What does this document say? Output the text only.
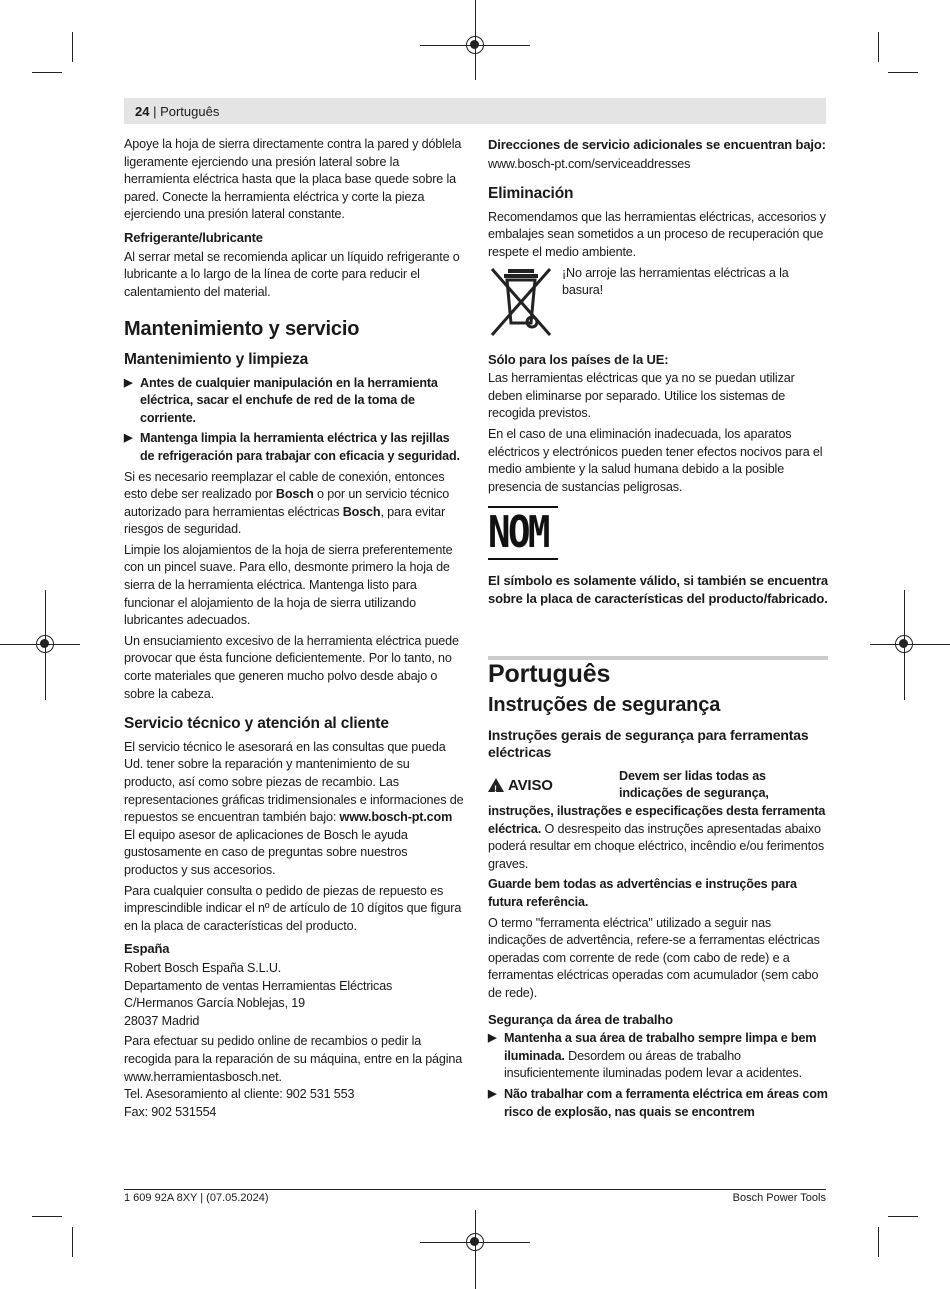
24 | Português

Apoye la hoja de sierra directamente contra la pared y dóblela ligeramente ejerciendo una presión lateral sobre la herramienta eléctrica hasta que la placa base quede sobre la pared. Conecte la herramienta eléctrica y corte la pieza ejerciendo una presión lateral constante.

Refrigerante/lubricante

Al serrar metal se recomienda aplicar un líquido refrigerante o lubricante a lo largo de la línea de corte para reducir el calentamiento del material.

Mantenimiento y servicio
Mantenimiento y limpieza
▶ Antes de cualquier manipulación en la herramienta eléctrica, sacar el enchufe de red de la toma de corriente.
▶ Mantenga limpia la herramienta eléctrica y las rejillas de refrigeración para trabajar con eficacia y seguridad.

Si es necesario reemplazar el cable de conexión, entonces esto debe ser realizado por Bosch o por un servicio técnico autorizado para herramientas eléctricas Bosch, para evitar riesgos de seguridad.

Limpie los alojamientos de la hoja de sierra preferentemente con un pincel suave. Para ello, desmonte primero la hoja de sierra de la herramienta eléctrica. Mantenga listo para funcionar el alojamiento de la hoja de sierra utilizando lubricantes adecuados.

Un ensuciamiento excesivo de la herramienta eléctrica puede provocar que ésta funcione deficientemente. Por lo tanto, no corte materiales que generen mucho polvo desde abajo o sobre la cabeza.

Servicio técnico y atención al cliente

El servicio técnico le asesorará en las consultas que pueda Ud. tener sobre la reparación y mantenimiento de su producto, así como sobre piezas de recambio. Las representaciones gráficas tridimensionales e informaciones de repuestos se encuentran también bajo: www.bosch-pt.com

El equipo asesor de aplicaciones de Bosch le ayuda gustosamente en caso de preguntas sobre nuestros productos y sus accesorios.

Para cualquier consulta o pedido de piezas de repuesto es imprescindible indicar el nº de artículo de 10 dígitos que figura en la placa de características del producto.

España
Robert Bosch España S.L.U.
Departamento de ventas Herramientas Eléctricas
C/Hermanos García Noblejas, 19
28037 Madrid
Para efectuar su pedido online de recambios o pedir la recogida para la reparación de su máquina, entre en la página www.herramientasbosch.net.
Tel. Asesoramiento al cliente: 902 531 553
Fax: 902 531554
Direcciones de servicio adicionales se encuentran bajo:

www.bosch-pt.com/serviceaddresses

Eliminación

Recomendamos que las herramientas eléctricas, accesorios y embalajes sean sometidos a un proceso de recuperación que respete el medio ambiente.

¡No arroje las herramientas eléctricas a la basura!
Sólo para los países de la UE:

Las herramientas eléctricas que ya no se puedan utilizar deben eliminarse por separado. Utilice los sistemas de recogida previstos.

En el caso de una eliminación inadecuada, los aparatos eléctricos y electrónicos pueden tener efectos nocivos para el medio ambiente y la salud humana debido a la posible presencia de sustancias peligrosas.

NOM
El símbolo es solamente válido, si también se encuentra sobre la placa de características del producto/fabricado.
Português
Instruções de segurança
Instruções gerais de segurança para ferramentas eléctricas
! AVISO
Devem ser lidas todas as indicações de segurança,

instruções, ilustrações e especificações desta ferramenta eléctrica. O desrespeito das instruções apresentadas abaixo poderá resultar em choque eléctrico, incêndio e/ou ferimentos graves.

Guarde bem todas as advertências e instruções para futura referência.

O termo "ferramenta eléctrica" utilizado a seguir nas indicações de advertência, refere-se a ferramentas eléctricas operadas com corrente de rede (com cabo de rede) e a ferramentas eléctricas operadas com acumulador (sem cabo de rede).

Segurança da área de trabalho
▶ Mantenha a sua área de trabalho sempre limpa e bem iluminada. Desordem ou áreas de trabalho insuficientemente iluminadas podem levar a acidentes.
▶ Não trabalhar com a ferramenta eléctrica em áreas com risco de explosão, nas quais se encontrem
1 609 92A 8XY | (07.05.2024)	Bosch Power Tools
